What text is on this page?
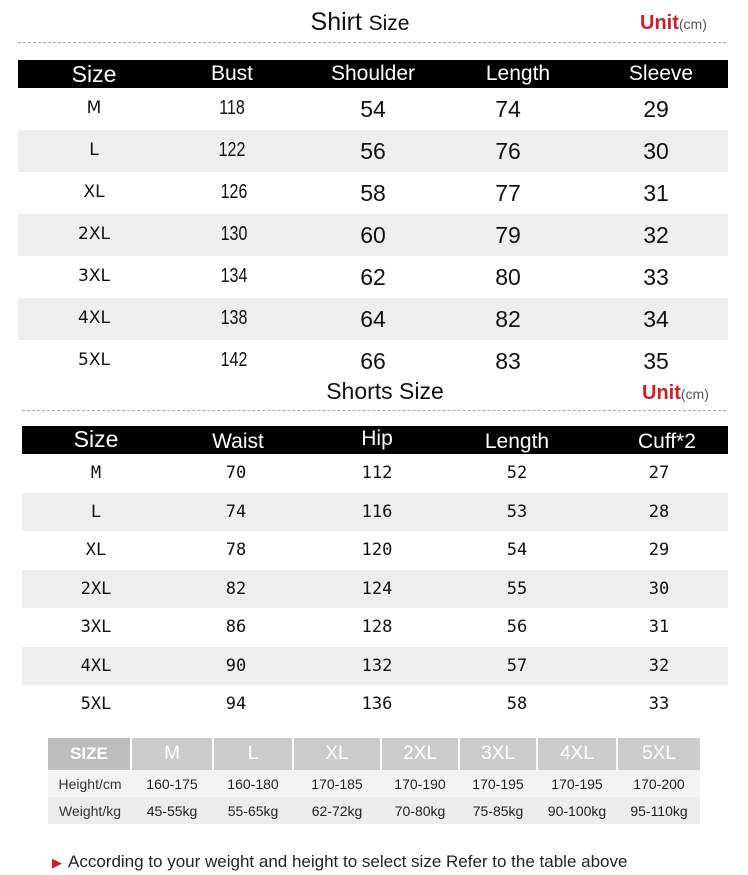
Shirt Size	Unit(cm)
Size	Bust	Shoulder	Length	Sleeve
M	118	54	74	29
L	122	56	76	30
XL	126	58	77	31
2XL	130	60	79	32
3XL	134	62	80	33
4XL	138	64	82	34
5XL	142	66	83	35
Shorts Size	Unit(cm)
Size	Waist	Hip	Length	Cuff*2
M	70	112	52	27
L	74	116	53	28
XL	78	120	54	29
2XL	82	124	55	30
3XL	86	128	56	31
4XL	90	132	57	32
5XL	94	136	58	33
SIZE	M	L	XL	2XL	3XL	4XL	5XL
Height/cm	160-175	160-180	170-185	170-190	170-195	170-195	170-200
Weight/kg	45-55kg	55-65kg	62-72kg	70-80kg	75-85kg	90-100kg	95-110kg
▶ According to your weight and height to select size Refer to the table above
